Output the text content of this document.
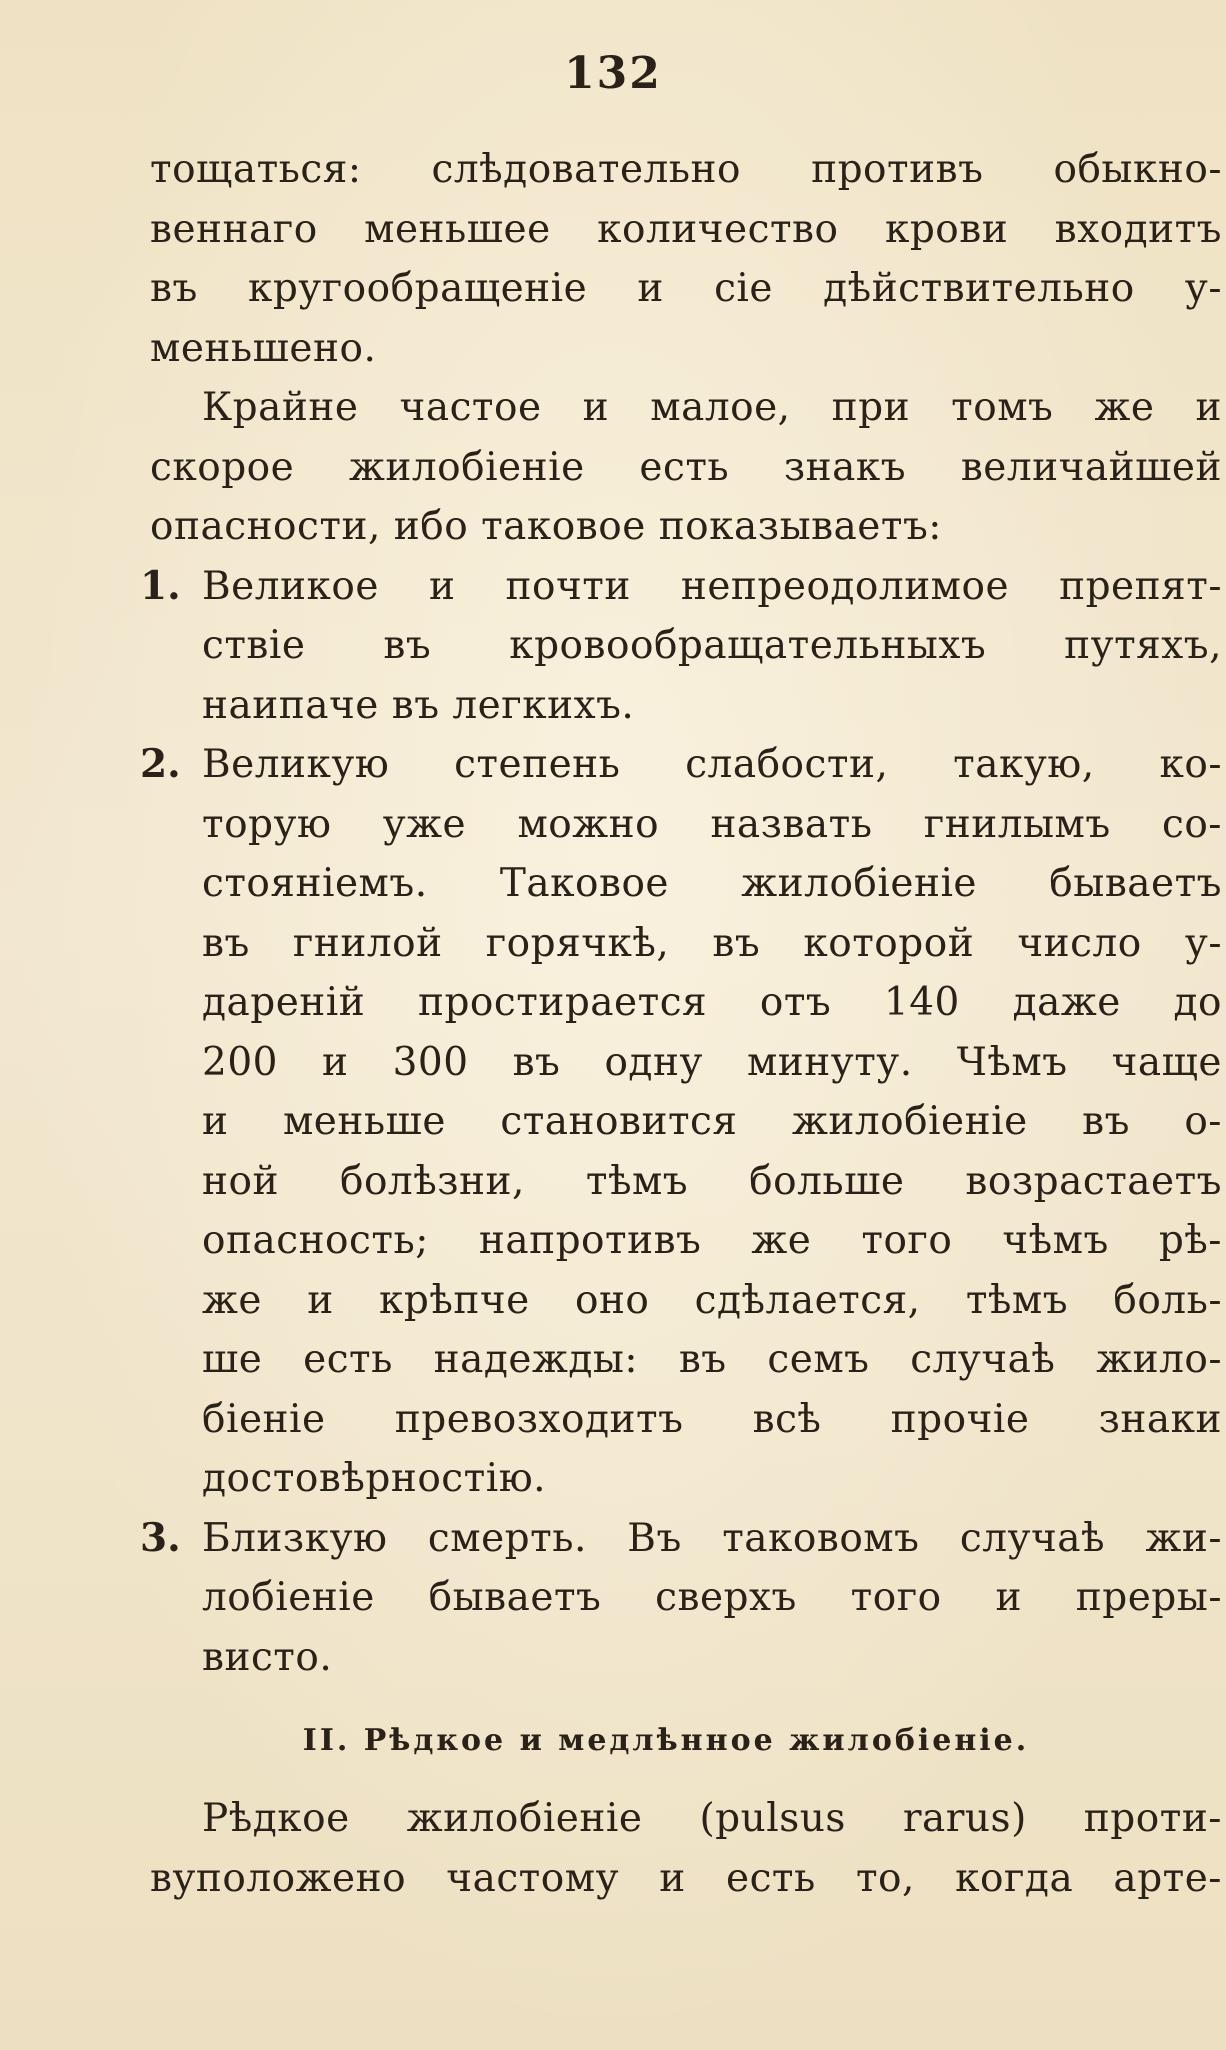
132
тощаться: слѣдовательно противъ обыкно-
веннаго меньшее количество крови входитъ
въ кругообращеніе и сіе дѣйствительно у-
меньшено.
Крайне частое и малое, при томъ же и
скорое жилобіеніе есть знакъ величайшей
опасности, ибо таковое показываетъ:
1. Великое и почти непреодолимое препят-
ствіе въ кровообращательныхъ путяхъ,
наипаче въ легкихъ.
2. Великую степень слабости, такую, ко-
торую уже можно назвать гнилымъ со-
стояніемъ. Таковое жилобіеніе бываетъ
въ гнилой горячкѣ, въ которой число у-
дареній простирается отъ 140 даже до
200 и 300 въ одну минуту. Чѣмъ чаще
и меньше становится жилобіеніе въ о-
ной болѣзни, тѣмъ больше возрастаетъ
опасность; напротивъ же того чѣмъ рѣ-
же и крѣпче оно сдѣлается, тѣмъ боль-
ше есть надежды: въ семъ случаѣ жило-
біеніе превозходитъ всѣ прочіе знаки
достовѣрностію.
3. Близкую смерть. Въ таковомъ случаѣ жи-
лобіеніе бываетъ сверхъ того и преры-
висто.
II. Рѣдкое и медлѣнное жилобіеніе.
Рѣдкое жилобіеніе (pulsus rarus) проти-
вуположено частому и есть то, когда арте-
